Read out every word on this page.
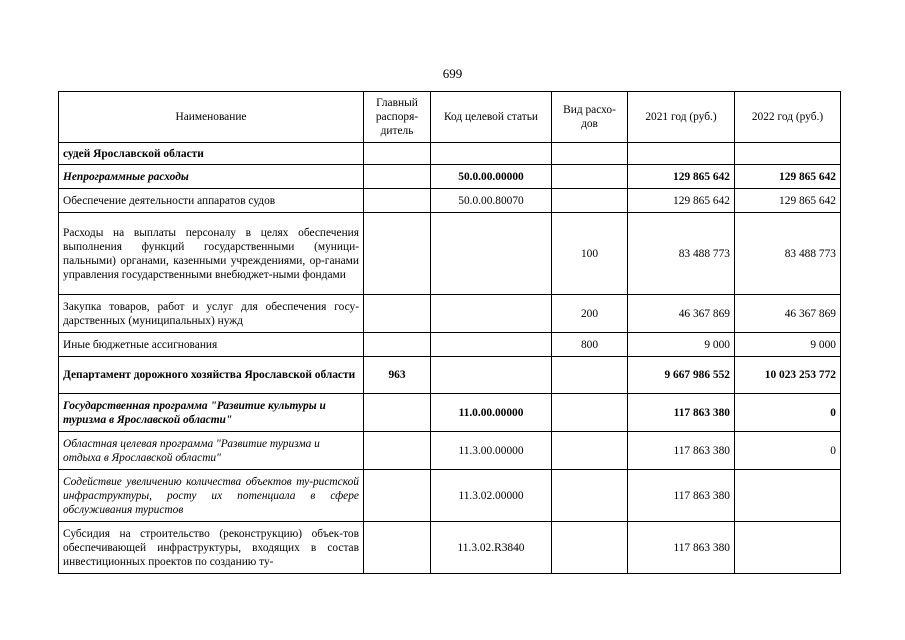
699
Наименование	Главный распоря-дитель	Код целевой статьи	Вид расхо-дов	2021 год (руб.)	2022 год (руб.)
судей Ярославской области					
Непрограммные расходы		50.0.00.00000		129 865 642	129 865 642
Обеспечение деятельности аппаратов судов		50.0.00.80070		129 865 642	129 865 642
Расходы на выплаты персоналу в целях обеспечения выполнения функций государственными (муници-пальными) органами, казенными учреждениями, ор-ганами управления государственными внебюджет-ными фондами			100	83 488 773	83 488 773
Закупка товаров, работ и услуг для обеспечения госу-дарственных (муниципальных) нужд			200	46 367 869	46 367 869
Иные бюджетные ассигнования			800	9 000	9 000
Департамент дорожного хозяйства Ярославской области	963			9 667 986 552	10 023 253 772
Государственная программа "Развитие культуры и туризма в Ярославской области"		11.0.00.00000		117 863 380	0
Областная целевая программа "Развитие туризма и отдыха в Ярославской области"		11.3.00.00000		117 863 380	0
Содействие увеличению количества объектов ту-ристской инфраструктуры, росту их потенциала в сфере обслуживания туристов		11.3.02.00000		117 863 380	
Субсидия на строительство (реконструкцию) объек-тов обеспечивающей инфраструктуры, входящих в состав инвестиционных проектов по созданию ту-		11.3.02.R3840		117 863 380	
